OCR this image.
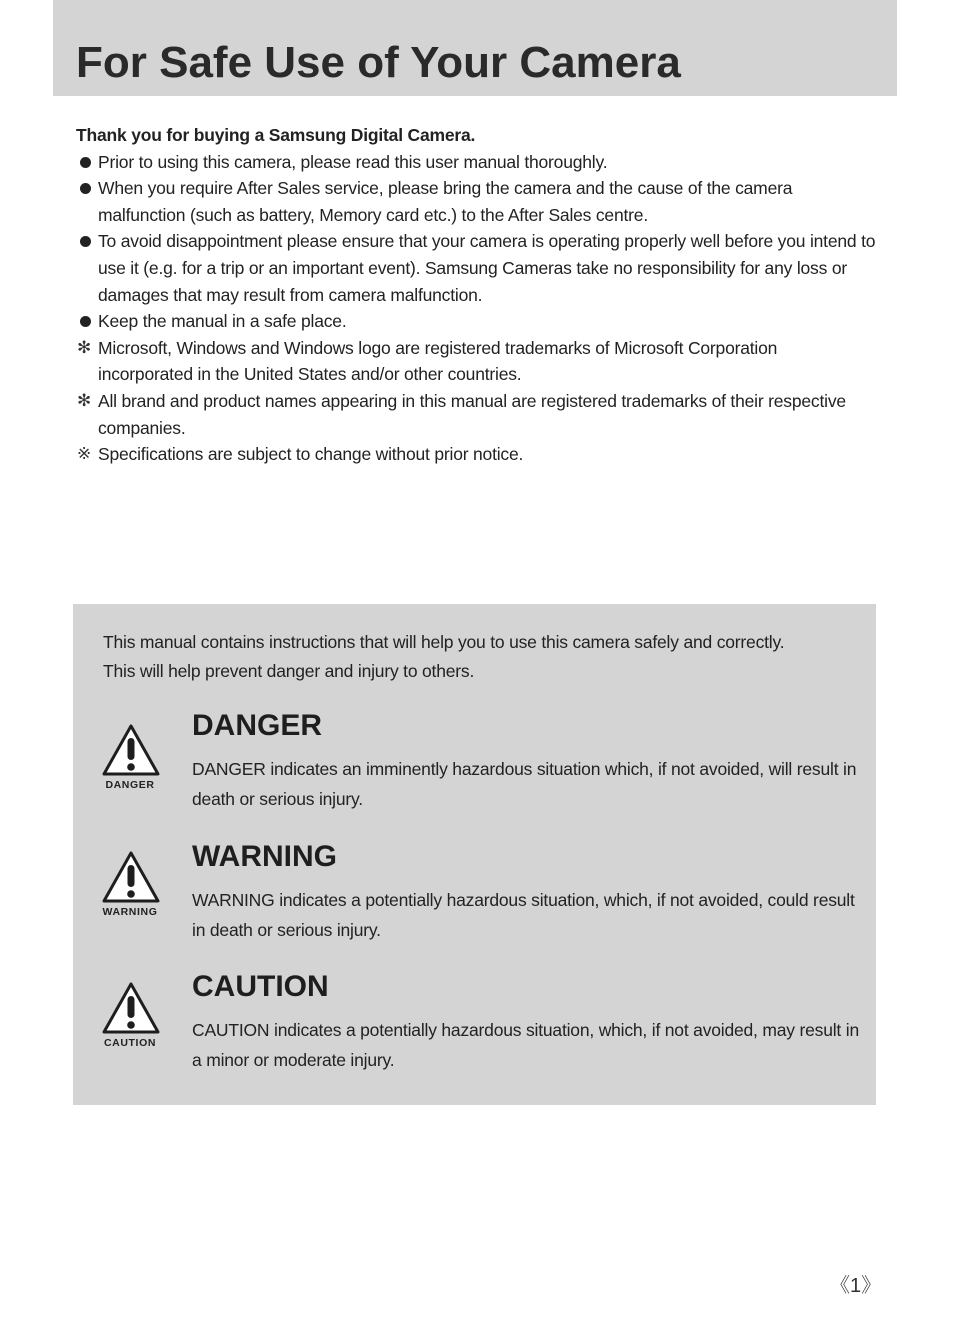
For Safe Use of Your Camera

Thank you for buying a Samsung Digital Camera.

Prior to using this camera, please read this user manual thoroughly.
When you require After Sales service, please bring the camera and the cause of the camera malfunction (such as battery, Memory card etc.) to the After Sales centre.
To avoid disappointment please ensure that your camera is operating properly well before you intend to use it (e.g. for a trip or an important event). Samsung Cameras take no responsibility for any loss or damages that may result from camera malfunction.
Keep the manual in a safe place.
✻ Microsoft, Windows and Windows logo are registered trademarks of Microsoft Corporation incorporated in the United States and/or other countries.
✻ All brand and product names appearing in this manual are registered trademarks of their respective companies.
※ Specifications are subject to change without prior notice.

This manual contains instructions that will help you to use this camera safely and correctly.
This will help prevent danger and injury to others.

DANGER
DANGER

DANGER indicates an imminently hazardous situation which, if not avoided, will result in death or serious injury.

WARNING
WARNING

WARNING indicates a potentially hazardous situation, which, if not avoided, could result in death or serious injury.

CAUTION
CAUTION

CAUTION indicates a potentially hazardous situation, which, if not avoided, may result in a minor or moderate injury.

《1》
